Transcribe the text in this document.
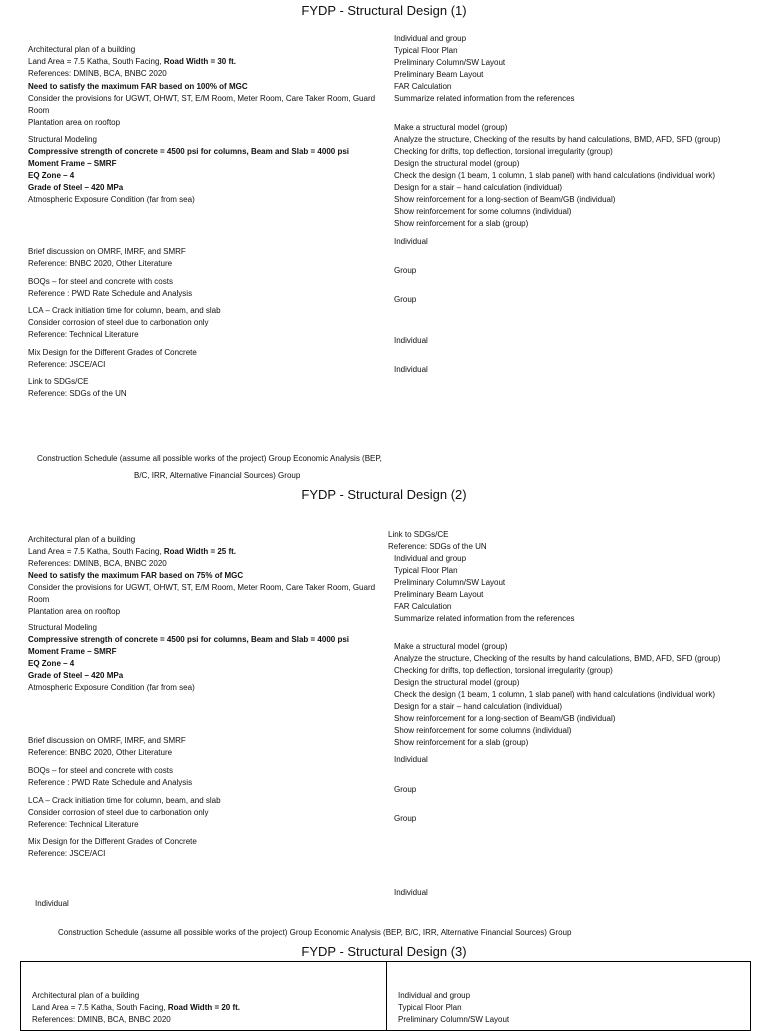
FYDP - Structural Design (1)
Architectural plan of a building
Land Area = 7.5 Katha, South Facing, Road Width = 30 ft.
References: DMINB, BCA, BNBC 2020
Need to satisfy the maximum FAR based on 100% of MGC
Consider the provisions for UGWT, OHWT, ST, E/M Room, Meter Room, Care Taker Room, Guard Room
Plantation area on rooftop
Structural Modeling
Compressive strength of concrete = 4500 psi for columns, Beam and Slab = 4000 psi
Moment Frame – SMRF
EQ Zone – 4
Grade of Steel – 420 MPa
Atmospheric Exposure Condition (far from sea)
Brief discussion on OMRF, IMRF, and SMRF
Reference: BNBC 2020, Other Literature
BOQs – for steel and concrete with costs
Reference : PWD Rate Schedule and Analysis
LCA – Crack initiation time for column, beam, and slab
Consider corrosion of steel due to carbonation only
Reference: Technical Literature
Mix Design for the Different Grades of Concrete
Reference: JSCE/ACI
Link to SDGs/CE
Reference: SDGs of the UN
Individual and group
Typical Floor Plan
Preliminary Column/SW Layout
Preliminary Beam Layout
FAR Calculation
Summarize related information from the references
Make a structural model (group)
Analyze the structure, Checking of the results by hand calculations, BMD, AFD, SFD (group) Checking for drifts, top deflection, torsional irregularity (group)
Design the structural model (group)
Check the design (1 beam, 1 column, 1 slab panel) with hand calculations (individual work) Design for a stair – hand calculation (individual)
Show reinforcement for a long-section of Beam/GB (individual)
Show reinforcement for some columns (individual)
Show reinforcement for a slab (group)
Individual
Group
Group
Individual
Individual
Construction Schedule (assume all possible works of the project) Group Economic Analysis (BEP,
B/C, IRR, Alternative Financial Sources) Group
FYDP - Structural Design (2)
Architectural plan of a building
Land Area = 7.5 Katha, South Facing, Road Width = 25 ft.
References: DMINB, BCA, BNBC 2020
Need to satisfy the maximum FAR based on 75% of MGC
Consider the provisions for UGWT, OHWT, ST, E/M Room, Meter Room, Care Taker Room, Guard Room
Plantation area on rooftop
Structural Modeling
Compressive strength of concrete = 4500 psi for columns, Beam and Slab = 4000 psi
Moment Frame – SMRF
EQ Zone – 4
Grade of Steel – 420 MPa
Atmospheric Exposure Condition (far from sea)
Brief discussion on OMRF, IMRF, and SMRF
Reference: BNBC 2020, Other Literature
BOQs – for steel and concrete with costs
Reference : PWD Rate Schedule and Analysis
LCA – Crack initiation time for column, beam, and slab
Consider corrosion of steel due to carbonation only
Reference: Technical Literature
Mix Design for the Different Grades of Concrete
Reference: JSCE/ACI
Individual
Link to SDGs/CE
Reference: SDGs of the UN
Individual and group
Typical Floor Plan
Preliminary Column/SW Layout
Preliminary Beam Layout
FAR Calculation
Summarize related information from the references
Make a structural model (group)
Analyze the structure, Checking of the results by hand calculations, BMD, AFD, SFD (group) Checking for drifts, top deflection, torsional irregularity (group)
Design the structural model (group)
Check the design (1 beam, 1 column, 1 slab panel) with hand calculations (individual work) Design for a stair – hand calculation (individual)
Show reinforcement for a long-section of Beam/GB (individual)
Show reinforcement for some columns (individual)
Show reinforcement for a slab (group)
Individual
Group
Group
Individual
Construction Schedule (assume all possible works of the project) Group Economic Analysis (BEP, B/C, IRR, Alternative Financial Sources) Group
FYDP - Structural Design (3)
Architectural plan of a building
Land Area = 7.5 Katha, South Facing, Road Width = 20 ft.
References: DMINB, BCA, BNBC 2020
Individual and group
Typical Floor Plan
Preliminary Column/SW Layout
